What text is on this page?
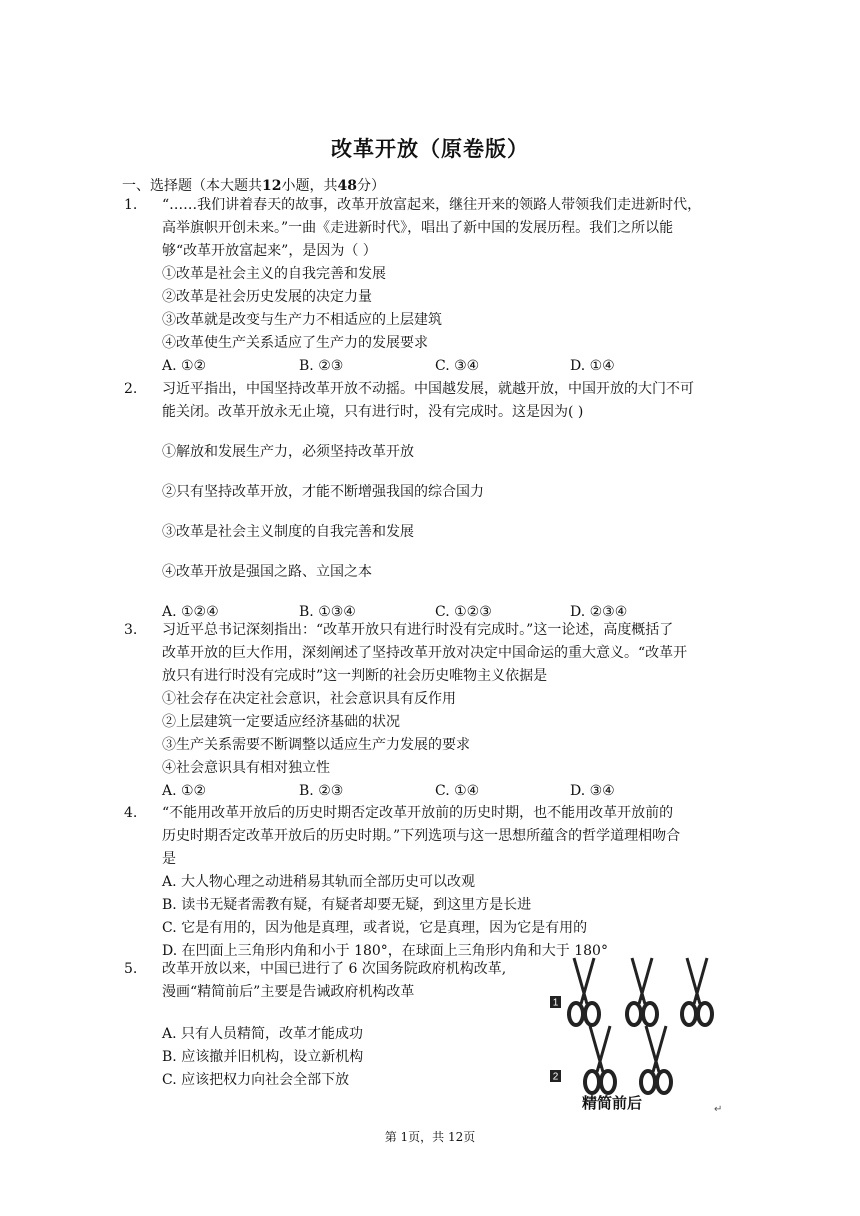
改革开放（原卷版）
一、选择题（本大题共12小题，共48分）
1.	“……我们讲着春天的故事，改革开放富起来，继往开来的领路人带领我们走进新时代，
高举旗帜开创未来。”一曲《走进新时代》，唱出了新中国的发展历程。我们之所以能
够“改革开放富起来”，是因为（ ）
①改革是社会主义的自我完善和发展
②改革是社会历史发展的决定力量
③改革就是改变与生产力不相适应的上层建筑
④改革使生产关系适应了生产力的发展要求
A. ①②	B. ②③	C. ③④	D. ①④
2.	习近平指出，中国坚持改革开放不动摇。中国越发展，就越开放，中国开放的大门不可
能关闭。改革开放永无止境，只有进行时，没有完成时。这是因为( )
①解放和发展生产力，必须坚持改革开放
②只有坚持改革开放，才能不断增强我国的综合国力
③改革是社会主义制度的自我完善和发展
④改革开放是强国之路、立国之本
A. ①②④	B. ①③④	C. ①②③	D. ②③④
3.	习近平总书记深刻指出：“改革开放只有进行时没有完成时。”这一论述，高度概括了
改革开放的巨大作用，深刻阐述了坚持改革开放对决定中国命运的重大意义。“改革开
放只有进行时没有完成时”这一判断的社会历史唯物主义依据是
①社会存在决定社会意识，社会意识具有反作用
②上层建筑一定要适应经济基础的状况
③生产关系需要不断调整以适应生产力发展的要求
④社会意识具有相对独立性
A. ①②	B. ②③	C. ①④	D. ③④
4.	“不能用改革开放后的历史时期否定改革开放前的历史时期，也不能用改革开放前的
历史时期否定改革开放后的历史时期。”下列选项与这一思想所蕴含的哲学道理相吻合
是
A. 大人物心理之动进稍易其轨而全部历史可以改观
B. 读书无疑者需教有疑，有疑者却要无疑，到这里方是长进
C. 它是有用的，因为他是真理，或者说，它是真理，因为它是有用的
D. 在凹面上三角形内角和小于 180°，在球面上三角形内角和大于 180°
5.	改革开放以来，中国已进行了 6 次国务院政府机构改革,
漫画“精简前后”主要是告诫政府机构改革
A. 只有人员精简，改革才能成功
B. 应该撤并旧机构，设立新机构
C. 应该把权力向社会全部下放
1
2
精简前后	↵
第 1页，共 12页
